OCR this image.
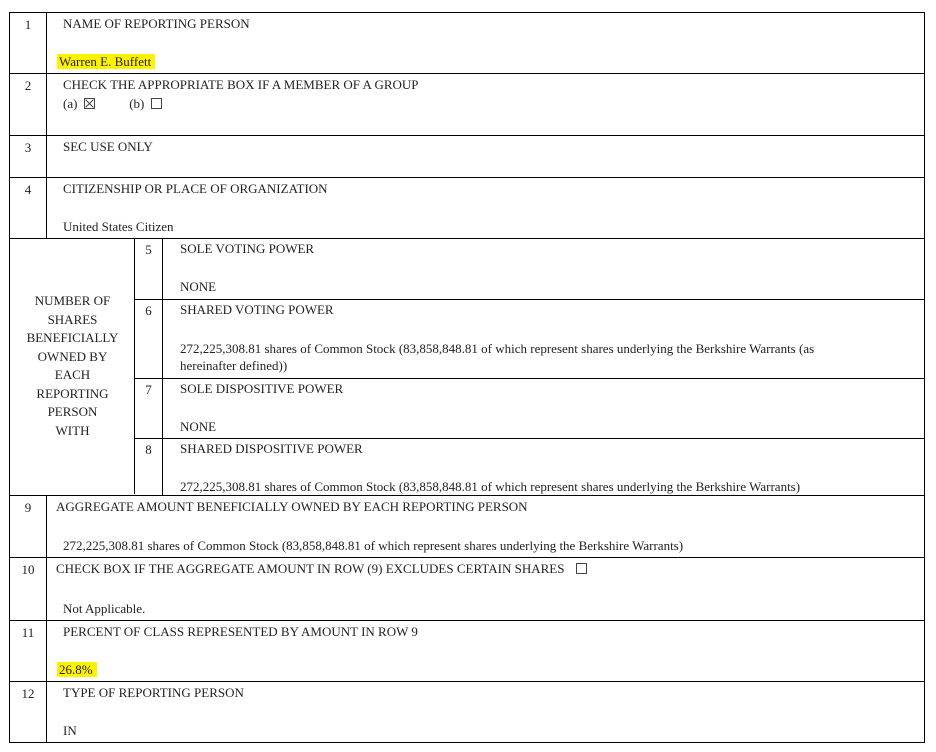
1	NAME OF REPORTING PERSON
Warren E. Buffett
2	CHECK THE APPROPRIATE BOX IF A MEMBER OF A GROUP
(a)	(b)
3	SEC USE ONLY
4	CITIZENSHIP OR PLACE OF ORGANIZATION
United States Citizen
NUMBER OF
SHARES
BENEFICIALLY
OWNED BY
EACH
REPORTING
PERSON
WITH
5	SOLE VOTING POWER
NONE
6	SHARED VOTING POWER
272,225,308.81 shares of Common Stock (83,858,848.81 of which represent shares underlying the Berkshire Warrants (as
hereinafter defined))
7	SOLE DISPOSITIVE POWER
NONE
8	SHARED DISPOSITIVE POWER
272,225,308.81 shares of Common Stock (83,858,848.81 of which represent shares underlying the Berkshire Warrants)
9	AGGREGATE AMOUNT BENEFICIALLY OWNED BY EACH REPORTING PERSON
272,225,308.81 shares of Common Stock (83,858,848.81 of which represent shares underlying the Berkshire Warrants)
10	CHECK BOX IF THE AGGREGATE AMOUNT IN ROW (9) EXCLUDES CERTAIN SHARES
Not Applicable.
11	PERCENT OF CLASS REPRESENTED BY AMOUNT IN ROW 9
26.8%
12	TYPE OF REPORTING PERSON
IN
